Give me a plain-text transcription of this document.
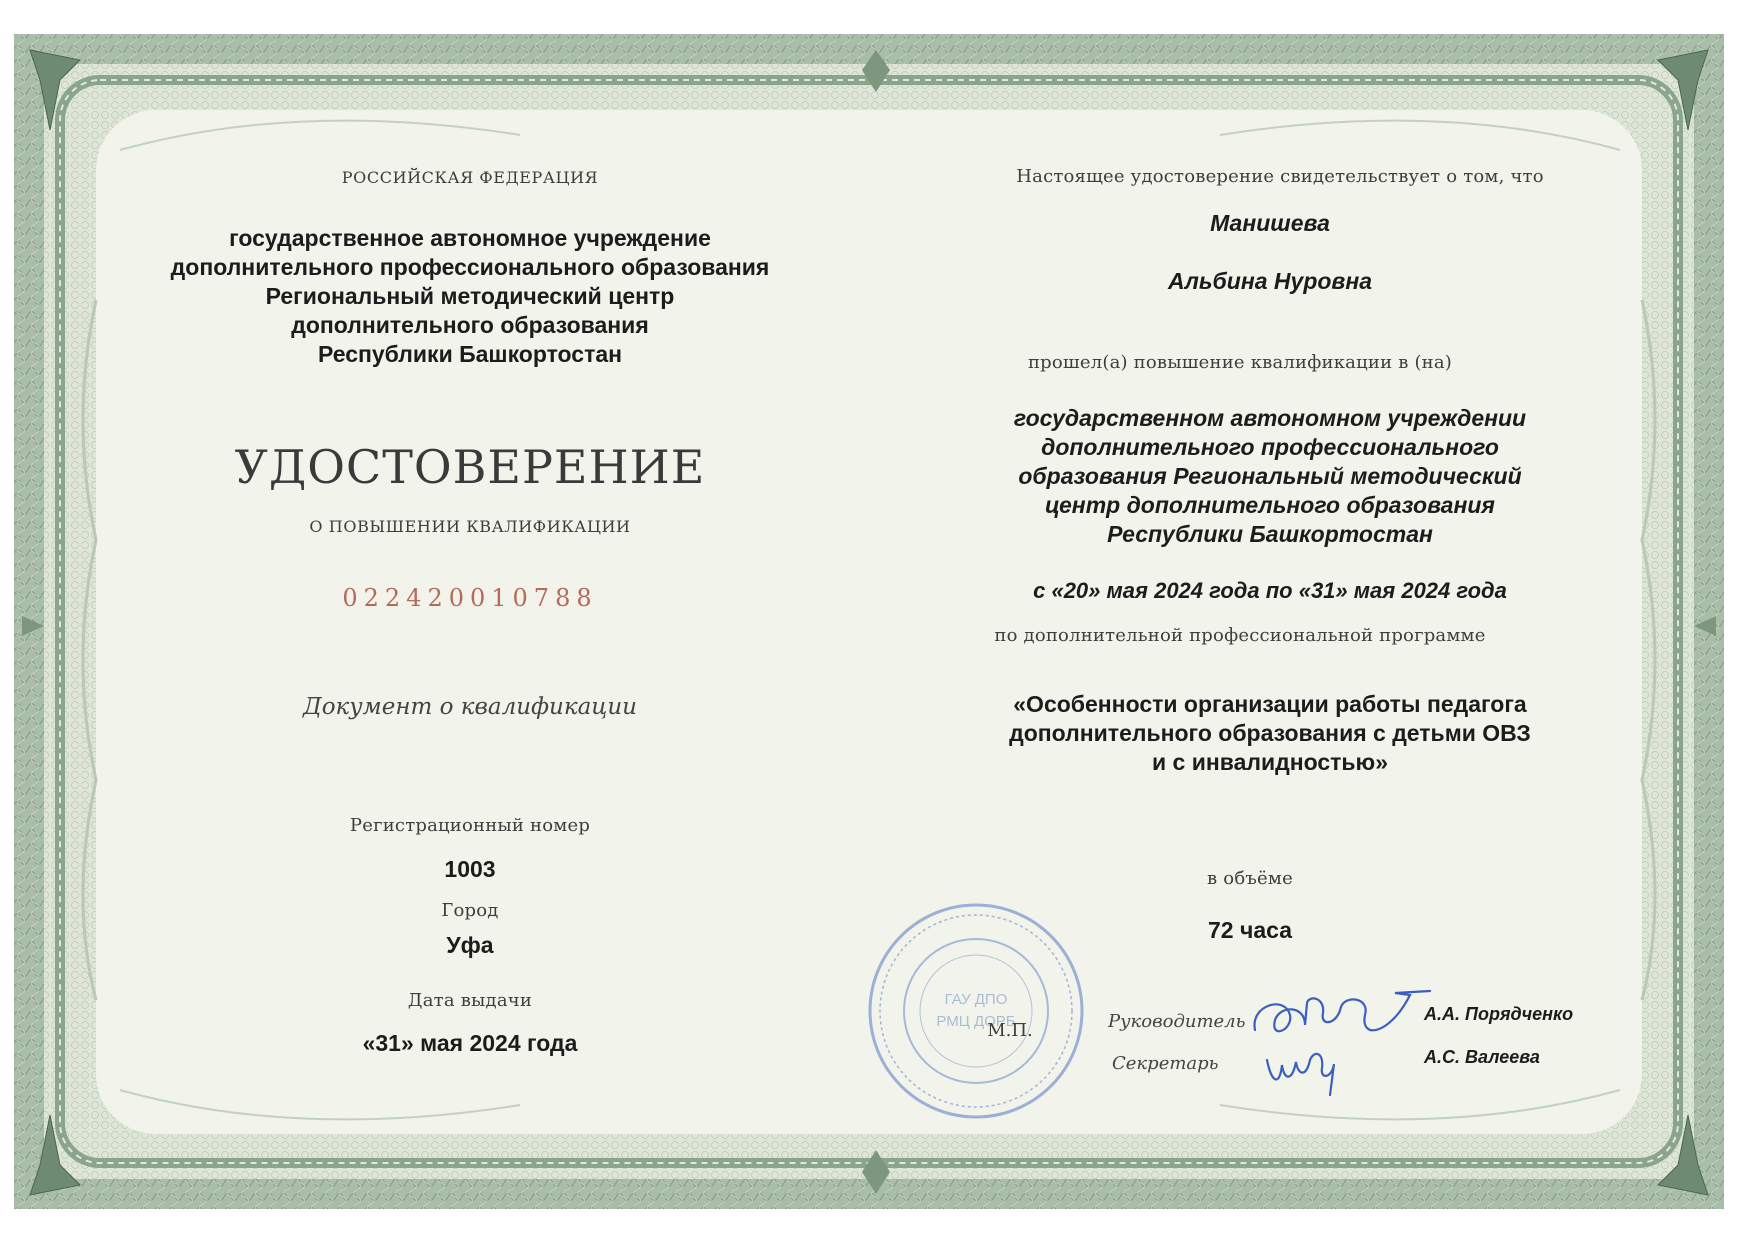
РОССИЙСКАЯ ФЕДЕРАЦИЯ
государственное автономное учреждение
дополнительного профессионального образования
Региональный методический центр
дополнительного образования
Республики Башкортостан
УДОСТОВЕРЕНИЕ
О ПОВЫШЕНИИ КВАЛИФИКАЦИИ
022420010788
Документ о квалификации
Регистрационный номер
1003
Город
Уфа
Дата выдачи
«31» мая 2024 года
Настоящее удостоверение свидетельствует о том, что
Манишева
Альбина Нуровна
прошел(а) повышение квалификации в (на)
государственном автономном учреждении
дополнительного профессионального
образования Региональный методический
центр дополнительного образования
Республики Башкортостан
с «20» мая 2024 года по «31» мая 2024 года
по дополнительной профессиональной программе
«Особенности организации работы педагога
дополнительного образования с детьми ОВЗ
и с инвалидностью»
в объёме
72 часа
ГАУ ДПО
РМЦ ДОРБ
М.П.	Руководитель	А.А. Порядченко
Секретарь	А.С. Валеева
